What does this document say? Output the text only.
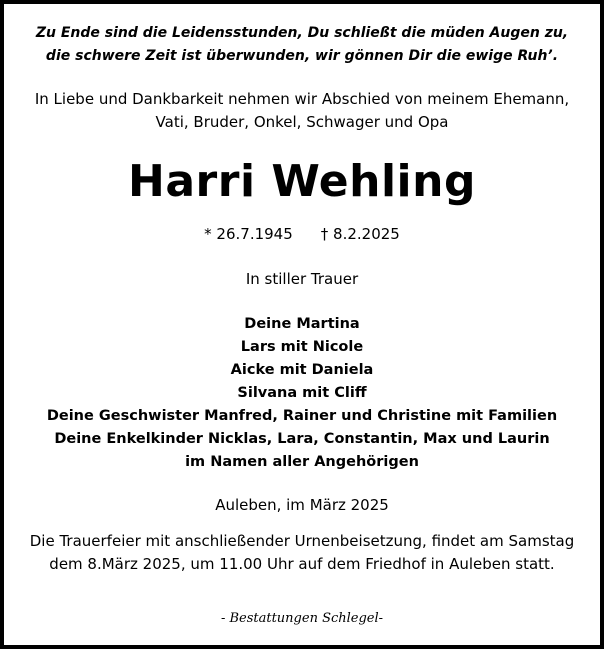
Zu Ende sind die Leidensstunden, Du schließt die müden Augen zu,
die schwere Zeit ist überwunden, wir gönnen Dir die ewige Ruh’.
In Liebe und Dankbarkeit nehmen wir Abschied von meinem Ehemann,
Vati, Bruder, Onkel, Schwager und Opa
Harri Wehling
* 26.7.1945 † 8.2.2025
In stiller Trauer
Deine Martina
Lars mit Nicole
Aicke mit Daniela
Silvana mit Cliff
Deine Geschwister Manfred, Rainer und Christine mit Familien
Deine Enkelkinder Nicklas, Lara, Constantin, Max und Laurin
im Namen aller Angehörigen
Auleben, im März 2025
Die Trauerfeier mit anschließender Urnenbeisetzung, findet am Samstag
dem 8.März 2025, um 11.00 Uhr auf dem Friedhof in Auleben statt.
- Bestattungen Schlegel-
